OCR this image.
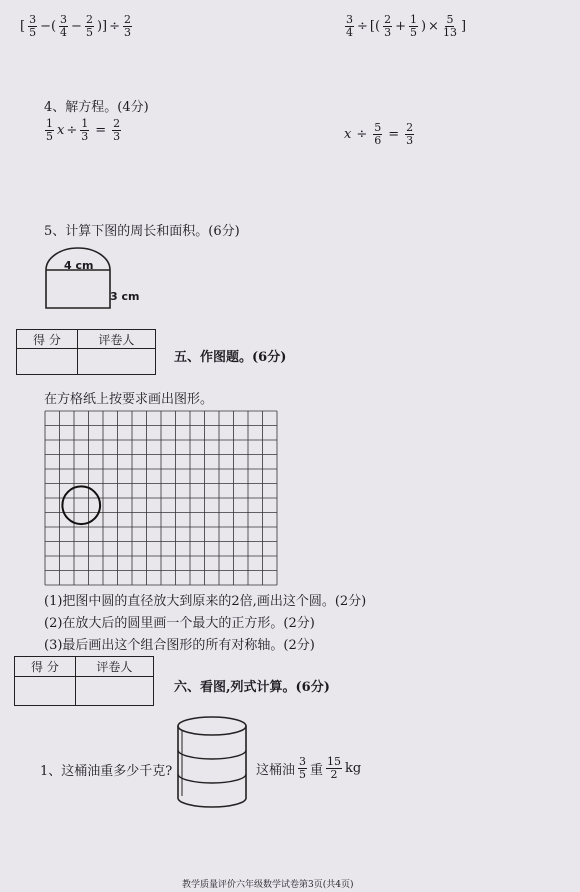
[ $\frac{3}{5}$ −( $\frac{3}{4} - \frac{2}{5}$ )] ÷ $\frac{2}{3}$	$\frac{3}{4}$ ÷ [( $\frac{2}{3} + \frac{1}{5}$ ) × $\frac{5}{13}$ ]
4、解方程。(4分)
$\frac{1}{5}$ $x \div \frac{1}{3} = \frac{2}{3}$	$x \div \frac{5}{6} = \frac{2}{3}$
5、计算下图的周长和面积。(6分)
4 cm
3 cm
得 分	评卷人

五、作图题。(6分)
在方格纸上按要求画出图形。
(1)把图中圆的直径放大到原来的2倍,画出这个圆。(2分)
(2)在放大后的圆里画一个最大的正方形。(2分)
(3)最后画出这个组合图形的所有对称轴。(2分)
得 分	评卷人

六、看图,列式计算。(6分)
1、这桶油重多少千克?	这桶油 $\frac{3}{5}$ 重 $\frac{15}{2}$ kg
教学质量评价六年级数学试卷第3页(共4页)
